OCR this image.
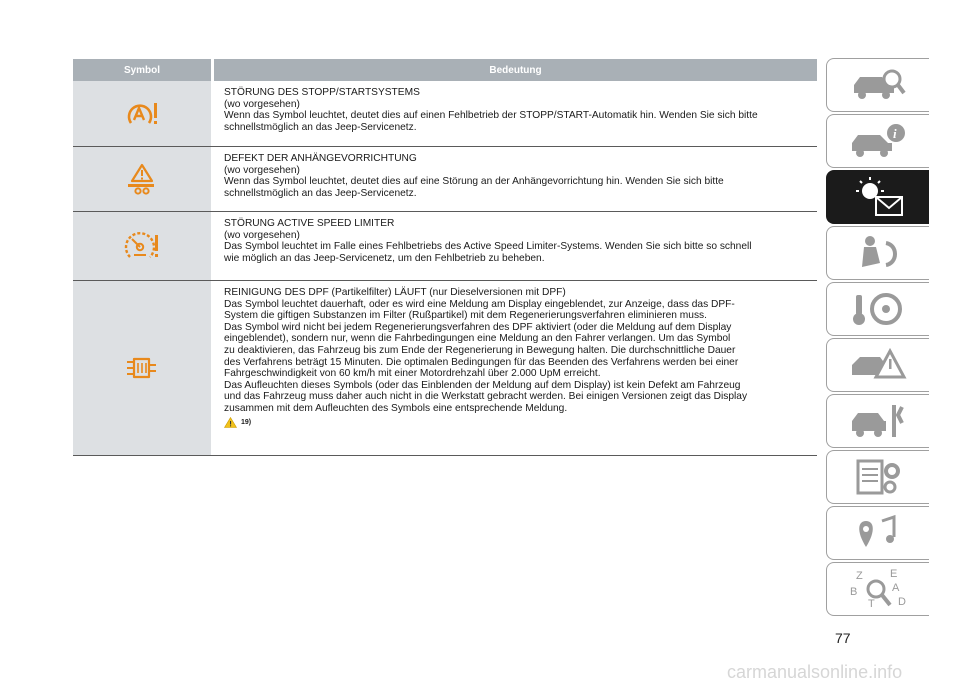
Symbol	Bedeutung
STÖRUNG DES STOPP/STARTSYSTEMS
(wo vorgesehen)
Wenn das Symbol leuchtet, deutet dies auf einen Fehlbetrieb der STOPP/START-Automatik hin. Wenden Sie sich bitte
schnellstmöglich an das Jeep-Servicenetz.
DEFEKT DER ANHÄNGEVORRICHTUNG
(wo vorgesehen)
Wenn das Symbol leuchtet, deutet dies auf eine Störung an der Anhängevorrichtung hin. Wenden Sie sich bitte
schnellstmöglich an das Jeep-Servicenetz.
STÖRUNG ACTIVE SPEED LIMITER
(wo vorgesehen)
Das Symbol leuchtet im Falle eines Fehlbetriebs des Active Speed Limiter-Systems. Wenden Sie sich bitte so schnell
wie möglich an das Jeep-Servicenetz, um den Fehlbetrieb zu beheben.
REINIGUNG DES DPF (Partikelfilter) LÄUFT (nur Dieselversionen mit DPF)
Das Symbol leuchtet dauerhaft, oder es wird eine Meldung am Display eingeblendet, zur Anzeige, dass das DPF-
System die giftigen Substanzen im Filter (Rußpartikel) mit dem Regenerierungsverfahren eliminieren muss.
Das Symbol wird nicht bei jedem Regenerierungsverfahren des DPF aktiviert (oder die Meldung auf dem Display
eingeblendet), sondern nur, wenn die Fahrbedingungen eine Meldung an den Fahrer verlangen. Um das Symbol
zu deaktivieren, das Fahrzeug bis zum Ende der Regenerierung in Bewegung halten. Die durchschnittliche Dauer
des Verfahrens beträgt 15 Minuten. Die optimalen Bedingungen für das Beenden des Verfahrens werden bei einer
Fahrgeschwindigkeit von 60 km/h mit einer Motordrehzahl über 2.000 UpM erreicht.
Das Aufleuchten dieses Symbols (oder das Einblenden der Meldung auf dem Display) ist kein Defekt am Fahrzeug
und das Fahrzeug muss daher auch nicht in die Werkstatt gebracht werden. Bei einigen Versionen zeigt das Display
zusammen mit dem Aufleuchten des Symbols eine entsprechende Meldung.
19)
i
Z E
B	A
D
T
77
carmanualsonline.info
